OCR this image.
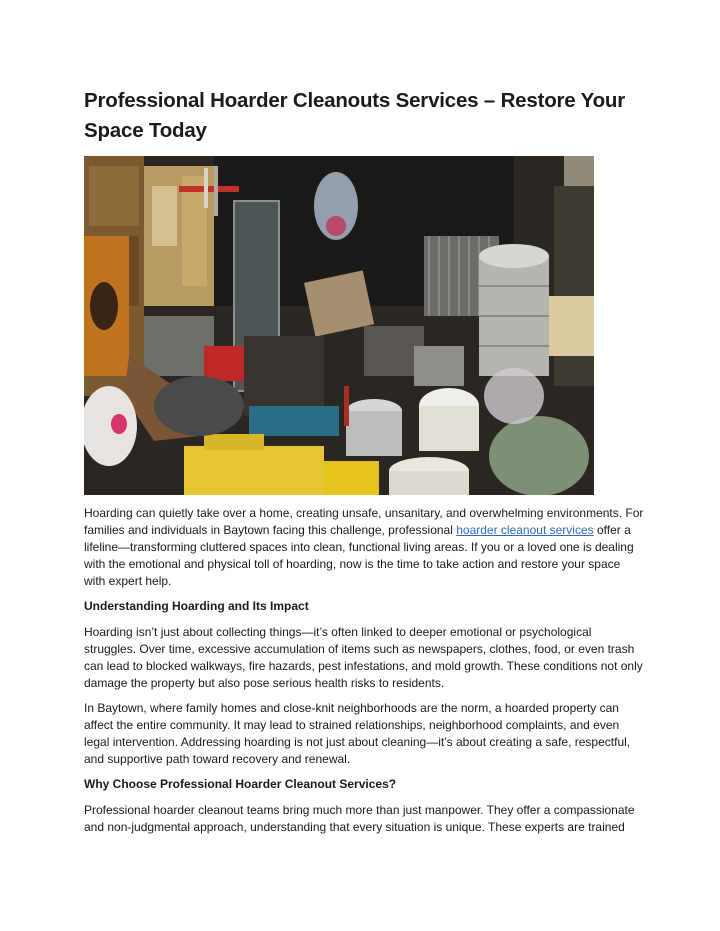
Professional Hoarder Cleanouts Services – Restore Your Space Today

Hoarding can quietly take over a home, creating unsafe, unsanitary, and overwhelming environments. For families and individuals in Baytown facing this challenge, professional hoarder cleanout services offer a lifeline—transforming cluttered spaces into clean, functional living areas. If you or a loved one is dealing with the emotional and physical toll of hoarding, now is the time to take action and restore your space with expert help.

Understanding Hoarding and Its Impact

Hoarding isn’t just about collecting things—it’s often linked to deeper emotional or psychological struggles. Over time, excessive accumulation of items such as newspapers, clothes, food, or even trash can lead to blocked walkways, fire hazards, pest infestations, and mold growth. These conditions not only damage the property but also pose serious health risks to residents.

In Baytown, where family homes and close-knit neighborhoods are the norm, a hoarded property can affect the entire community. It may lead to strained relationships, neighborhood complaints, and even legal intervention. Addressing hoarding is not just about cleaning—it’s about creating a safe, respectful, and supportive path toward recovery and renewal.

Why Choose Professional Hoarder Cleanout Services?

Professional hoarder cleanout teams bring much more than just manpower. They offer a compassionate and non-judgmental approach, understanding that every situation is unique. These experts are trained
